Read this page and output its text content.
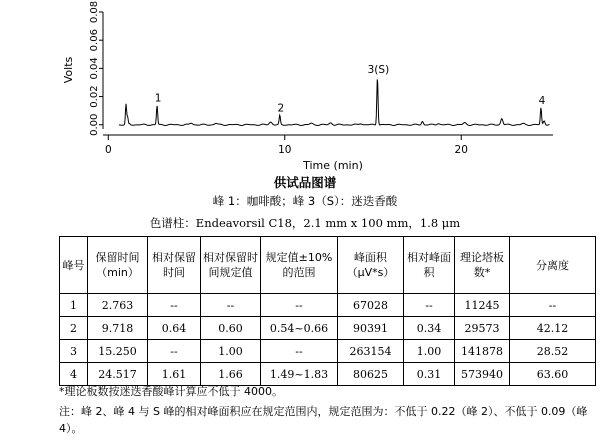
0.00
0.02
0.04
0.06
0.08
Volts
0	10	20
Time (min)
1
2
3(S)
4
供试品图谱
峰 1：咖啡酸；峰 3（S）：迷迭香酸
色谱柱：Endeavorsil C18，2.1 mm x 100 mm，1.8 μm
峰号	保留时间（min）	相对保留时间	相对保留时间规定值	规定值±10%的范围	峰面积（μV*s）	相对峰面积	理论塔板数*	分离度
1	2.763	--	--	--	67028	--	11245	--
2	9.718	0.64	0.60	0.54~0.66	90391	0.34	29573	42.12
3	15.250	--	1.00	--	263154	1.00	141878	28.52
4	24.517	1.61	1.66	1.49~1.83	80625	0.31	573940	63.60
*理论板数按迷迭香酸峰计算应不低于 4000。
注：峰 2、峰 4 与 S 峰的相对峰面积应在规定范围内，规定范围为：不低于 0.22（峰 2）、不低于 0.09（峰 4）。
